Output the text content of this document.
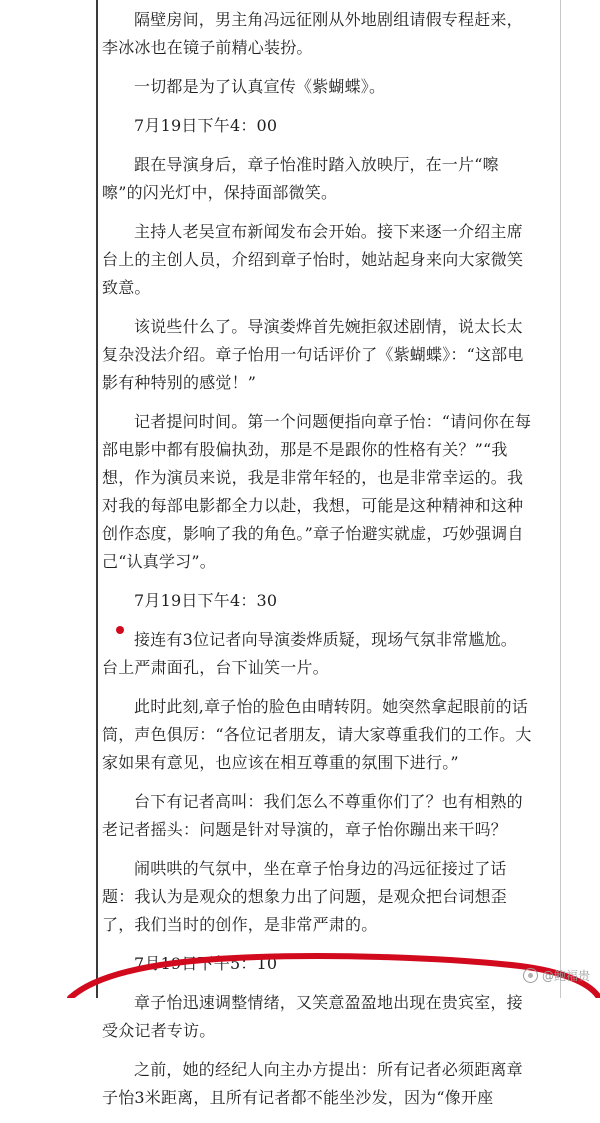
隔壁房间，男主角冯远征刚从外地剧组请假专程赶来，李冰冰也在镜子前精心装扮。

一切都是为了认真宣传《紫蝴蝶》。

7月19日下午4：00

跟在导演身后，章子怡准时踏入放映厅，在一片“嚓嚓”的闪光灯中，保持面部微笑。

主持人老吴宣布新闻发布会开始。接下来逐一介绍主席台上的主创人员，介绍到章子怡时，她站起身来向大家微笑致意。

该说些什么了。导演娄烨首先婉拒叙述剧情，说太长太复杂没法介绍。章子怡用一句话评价了《紫蝴蝶》：“这部电影有种特别的感觉！”

记者提问时间。第一个问题便指向章子怡：“请问你在每部电影中都有股偏执劲，那是不是跟你的性格有关？”“我想，作为演员来说，我是非常年轻的，也是非常幸运的。我对我的每部电影都全力以赴，我想，可能是这种精神和这种创作态度，影响了我的角色。”章子怡避实就虚，巧妙强调自己“认真学习”。

7月19日下午4：30

接连有3位记者向导演娄烨质疑，现场气氛非常尴尬。台上严肃面孔，台下讪笑一片。

此时此刻,章子怡的脸色由晴转阴。她突然拿起眼前的话筒，声色俱厉：“各位记者朋友，请大家尊重我们的工作。大家如果有意见，也应该在相互尊重的氛围下进行。”

台下有记者高叫：我们怎么不尊重你们了？也有相熟的老记者摇头：问题是针对导演的，章子怡你蹦出来干吗？

闹哄哄的气氛中，坐在章子怡身边的冯远征接过了话题：我认为是观众的想象力出了问题，是观众把台词想歪了，我们当时的创作，是非常严肃的。

7月19日下午5：10

章子怡迅速调整情绪，又笑意盈盈地出现在贵宾室，接受众记者专访。

之前，她的经纪人向主办方提出：所有记者必须距离章子怡3米距离，且所有记者都不能坐沙发，因为“像开座

@鲍福贵
